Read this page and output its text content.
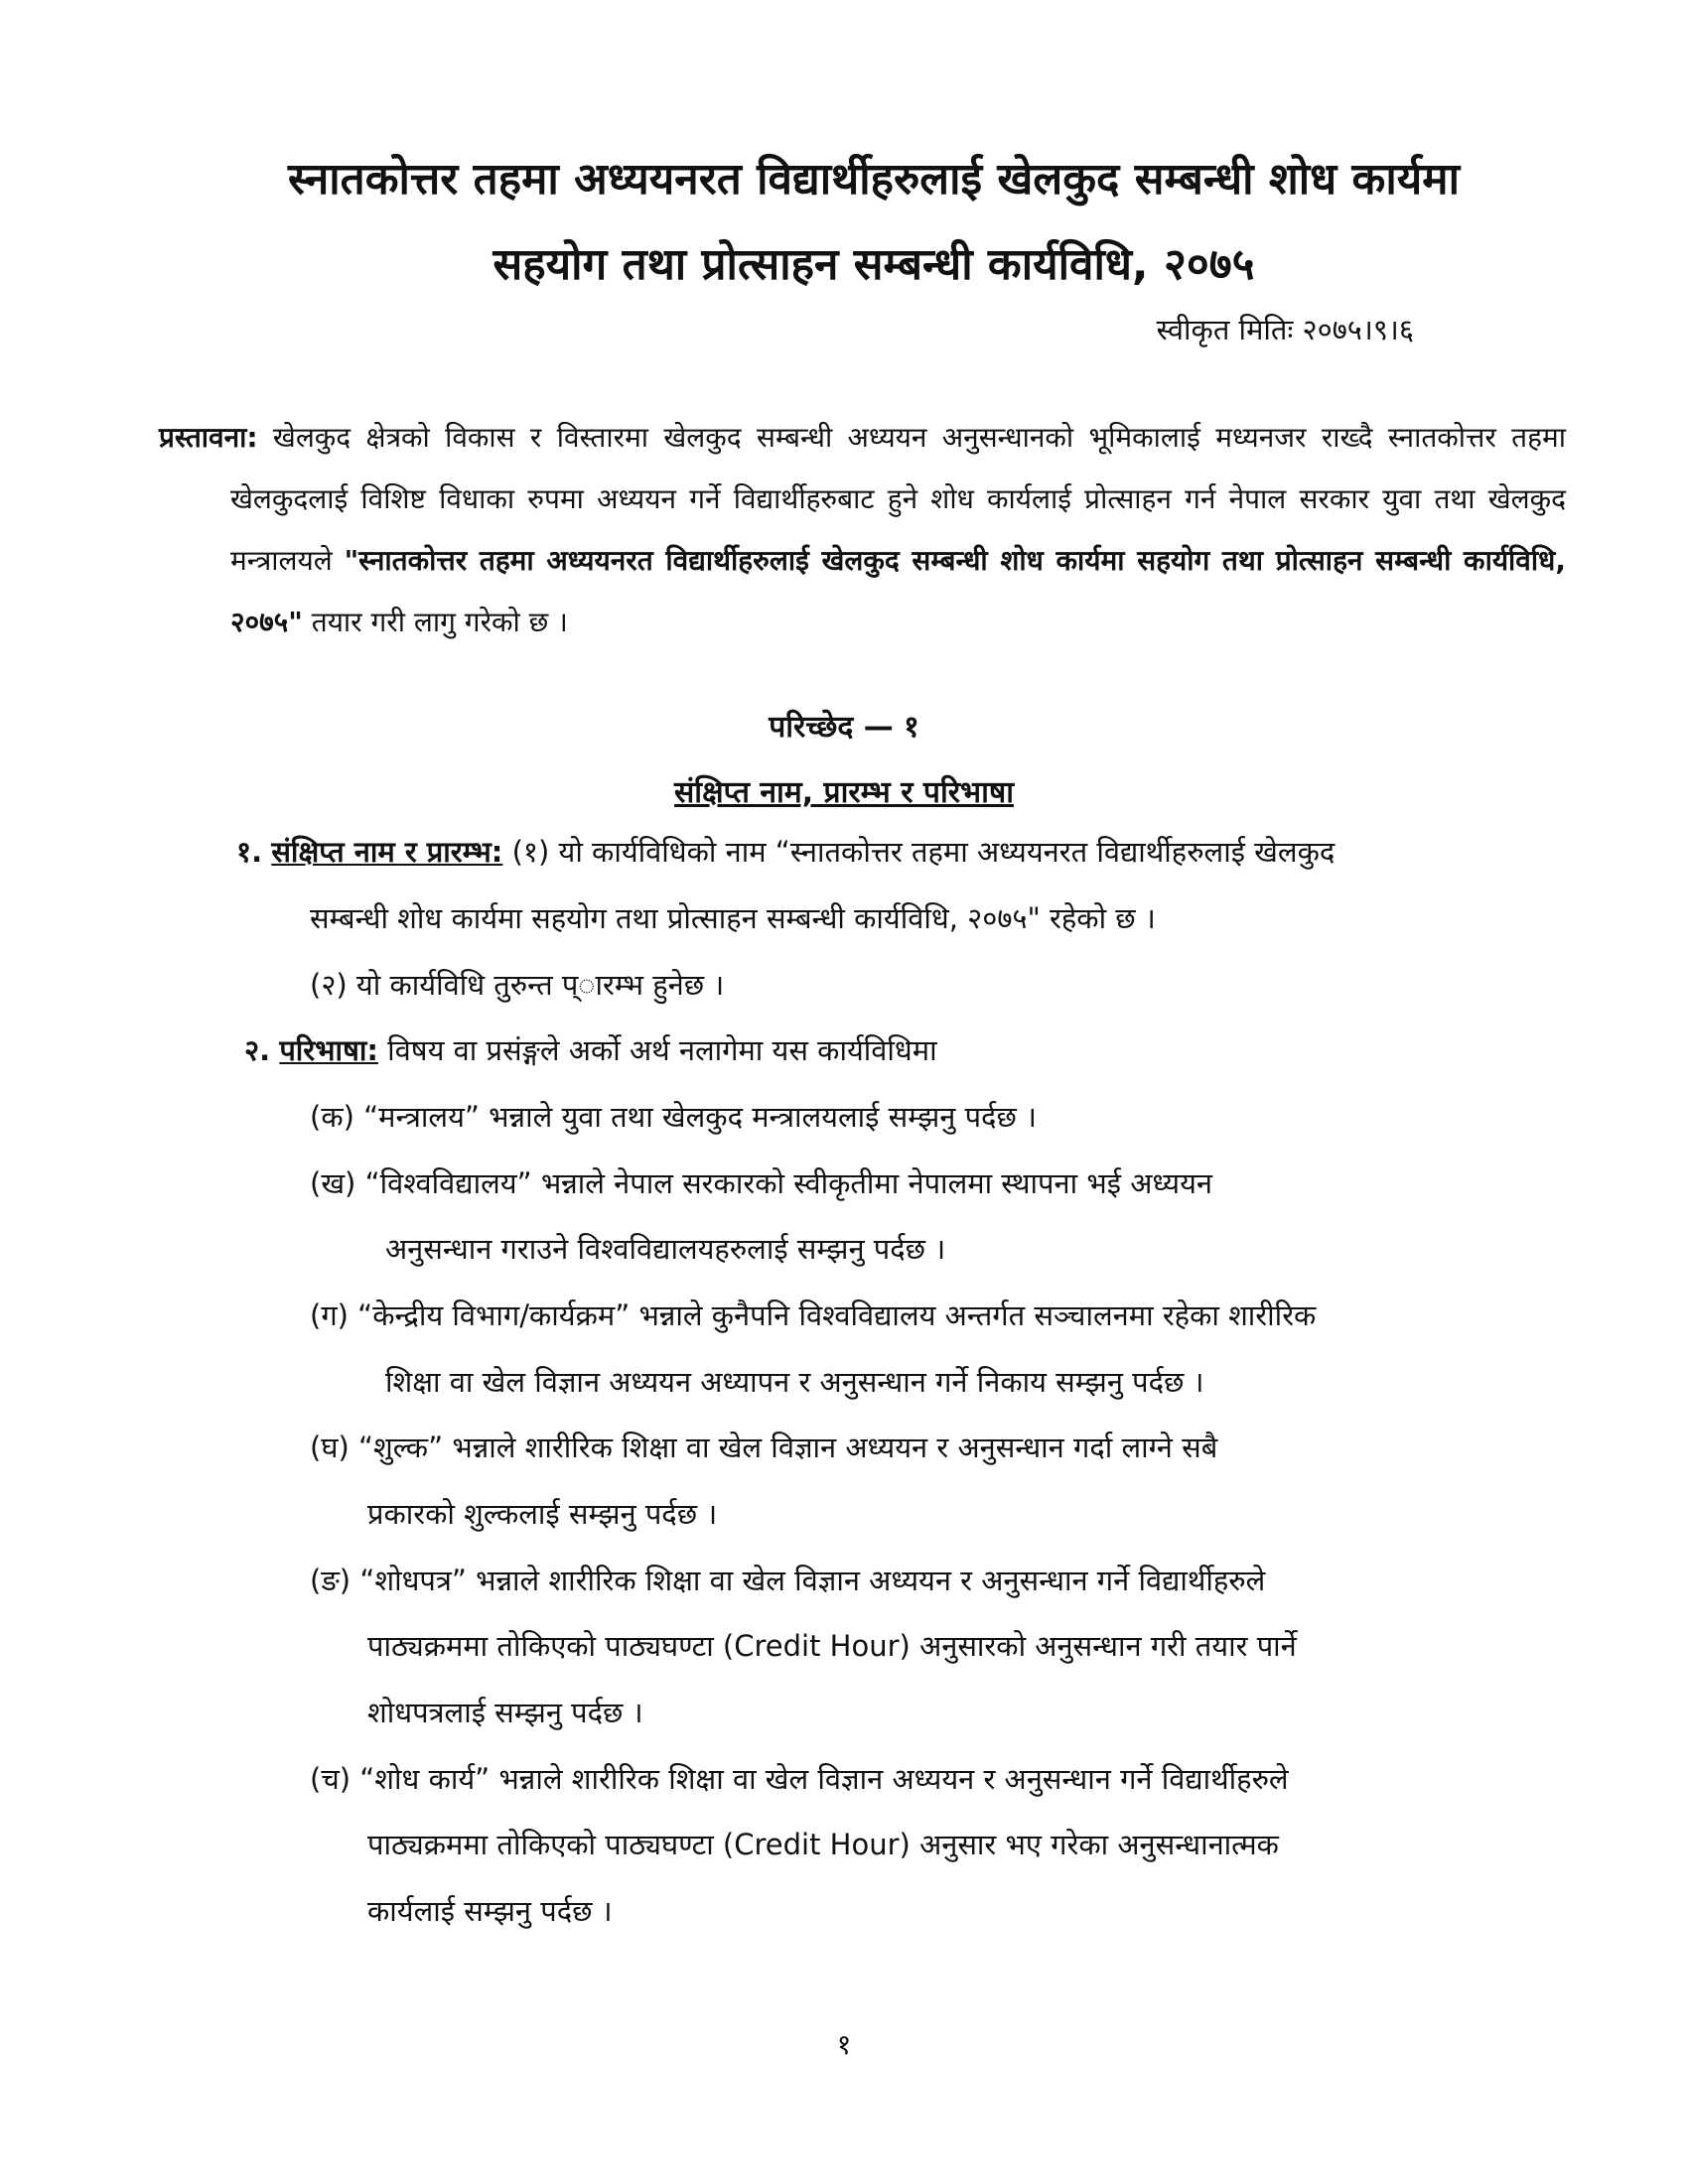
स्नातकोत्तर तहमा अध्ययनरत विद्यार्थीहरुलाई खेलकुद सम्बन्धी शोध कार्यमा
सहयोग तथा प्रोत्साहन सम्बन्धी कार्यविधि, २०७५
स्वीकृत मितिः २०७५।९।६
प्रस्तावना: खेलकुद क्षेत्रको विकास र विस्तारमा खेलकुद सम्बन्धी अध्ययन अनुसन्धानको भूमिकालाई मध्यनजर राख्दै स्नातकोत्तर तहमा खेलकुदलाई विशिष्ट विधाका रुपमा अध्ययन गर्ने विद्यार्थीहरुबाट हुने शोध कार्यलाई प्रोत्साहन गर्न नेपाल सरकार युवा तथा खेलकुद मन्त्रालयले "स्नातकोत्तर तहमा अध्ययनरत विद्यार्थीहरुलाई खेलकुद सम्बन्धी शोध कार्यमा सहयोग तथा प्रोत्साहन सम्बन्धी कार्यविधि, २०७५" तयार गरी लागु गरेको छ ।
परिच्छेद — १
संक्षिप्त नाम, प्रारम्भ र परिभाषा
१. संक्षिप्त नाम र प्रारम्भ: (१) यो कार्यविधिको नाम “स्नातकोत्तर तहमा अध्ययनरत विद्यार्थीहरुलाई खेलकुद
सम्बन्धी शोध कार्यमा सहयोग तथा प्रोत्साहन सम्बन्धी कार्यविधि, २०७५" रहेको छ ।
(२) यो कार्यविधि तुरुन्त प्ारम्भ हुनेछ ।
२. परिभाषा: विषय वा प्रसंङ्गले अर्को अर्थ नलागेमा यस कार्यविधिमा
(क) “मन्त्रालय” भन्नाले युवा तथा खेलकुद मन्त्रालयलाई सम्झनु पर्दछ ।
(ख) “विश्वविद्यालय” भन्नाले नेपाल सरकारको स्वीकृतीमा नेपालमा स्थापना भई अध्ययन
अनुसन्धान गराउने विश्वविद्यालयहरुलाई सम्झनु पर्दछ ।
(ग) “केन्द्रीय विभाग/कार्यक्रम” भन्नाले कुनैपनि विश्वविद्यालय अन्तर्गत सञ्चालनमा रहेका शारीरिक
शिक्षा वा खेल विज्ञान अध्ययन अध्यापन र अनुसन्धान गर्ने निकाय सम्झनु पर्दछ ।
(घ) “शुल्क” भन्नाले शारीरिक शिक्षा वा खेल विज्ञान अध्ययन र अनुसन्धान गर्दा लाग्ने सबै
प्रकारको शुल्कलाई सम्झनु पर्दछ ।
(ङ) “शोधपत्र” भन्नाले शारीरिक शिक्षा वा खेल विज्ञान अध्ययन र अनुसन्धान गर्ने विद्यार्थीहरुले
पाठ्यक्रममा तोकिएको पाठ्यघण्टा (Credit Hour) अनुसारको अनुसन्धान गरी तयार पार्ने
शोधपत्रलाई सम्झनु पर्दछ ।
(च) “शोध कार्य” भन्नाले शारीरिक शिक्षा वा खेल विज्ञान अध्ययन र अनुसन्धान गर्ने विद्यार्थीहरुले
पाठ्यक्रममा तोकिएको पाठ्यघण्टा (Credit Hour) अनुसार भए गरेका अनुसन्धानात्मक
कार्यलाई सम्झनु पर्दछ ।
१
